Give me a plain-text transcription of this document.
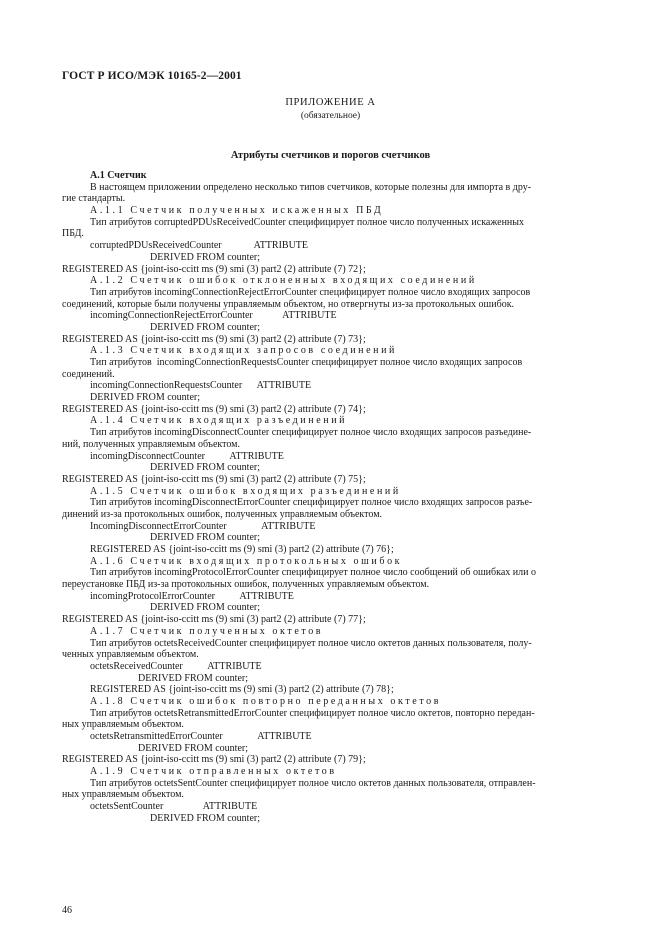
ГОСТ Р ИСО/МЭК 10165-2—2001
ПРИЛОЖЕНИЕ А
(обязательное)
Атрибуты счетчиков и порогов счетчиков
A.1 Счетчик
В настоящем приложении определено несколько типов счетчиков, которые полезны для импорта в дру-
гие стандарты.
A.1.1 Счетчик полученных искаженных ПБД
Тип атрибутов corruptedPDUsReceivedCounter специфицирует полное число полученных искаженных
ПБД.
corruptedPDUsReceivedCounter             ATTRIBUTE
DERIVED FROM counter;
REGISTERED AS {joint-iso-ccitt ms (9) smi (3) part2 (2) attribute (7) 72};
A.1.2 Счетчик ошибок отклоненных входящих соединений
Тип атрибутов incomingConnectionRejectErrorCounter специфицирует полное число входящих запросов
соединений, которые были получены управляемым объектом, но отвергнуты из-за протокольных ошибок.
incomingConnectionRejectErrorCounter            ATTRIBUTE
DERIVED FROM counter;
REGISTERED AS {joint-iso-ccitt ms (9) smi (3) part2 (2) attribute (7) 73};
A.1.3 Счетчик входящих запросов соединений
Тип атрибутов  incomingConnectionRequestsCounter специфицирует полное число входящих запросов
соединений.
incomingConnectionRequestsCounter      ATTRIBUTE
DERIVED FROM counter;
REGISTERED AS {joint-iso-ccitt ms (9) smi (3) part2 (2) attribute (7) 74};
A.1.4 Счетчик входящих разъединений
Тип атрибутов incomingDisconnectCounter специфицирует полное число входящих запросов разъедине-
ний, полученных управляемым объектом.
incomingDisconnectCounter          ATTRIBUTE
DERIVED FROM counter;
REGISTERED AS {joint-iso-ccitt ms (9) smi (3) part2 (2) attribute (7) 75};
A.1.5 Счетчик ошибок входящих разъединений
Тип атрибутов incomingDisconnectErrorCounter специфицирует полное число входящих запросов разъе-
динений из-за протокольных ошибок, полученных управляемым объектом.
IncomingDisconnectErrorCounter              ATTRIBUTE
DERIVED FROM counter;
REGISTERED AS {joint-iso-ccitt ms (9) smi (3) part2 (2) attribute (7) 76};
A.1.6 Счетчик входящих протокольных ошибок
Тип атрибутов incomingProtocolErrorCounter специфицирует полное число сообщений об ошибках или о
переустановке ПБД из-за протокольных ошибок, полученных управляемым объектом.
incomingProtocolErrorCounter          ATTRIBUTE
DERIVED FROM counter;
REGISTERED AS {joint-iso-ccitt ms (9) smi (3) part2 (2) attribute (7) 77};
A.1.7 Счетчик полученных октетов
Тип атрибутов octetsReceivedCounter специфицирует полное число октетов данных пользователя, полу-
ченных управляемым объектом.
octetsReceivedCounter          ATTRIBUTE
DERIVED FROM counter;
REGISTERED AS {joint-iso-ccitt ms (9) smi (3) part2 (2) attribute (7) 78};
A.1.8 Счетчик ошибок повторно переданных октетов
Тип атрибутов octetsRetransmittedErrorCounter специфицирует полное число октетов, повторно передан-
ных управляемым объектом.
octetsRetransmittedErrorCounter              ATTRIBUTE
DERIVED FROM counter;
REGISTERED AS {joint-iso-ccitt ms (9) smi (3) part2 (2) attribute (7) 79};
A.1.9 Счетчик отправленных октетов
Тип атрибутов octetsSentCounter специфицирует полное число октетов данных пользователя, отправлен-
ных управляемым объектом.
octetsSentCounter                ATTRIBUTE
DERIVED FROM counter;
46
